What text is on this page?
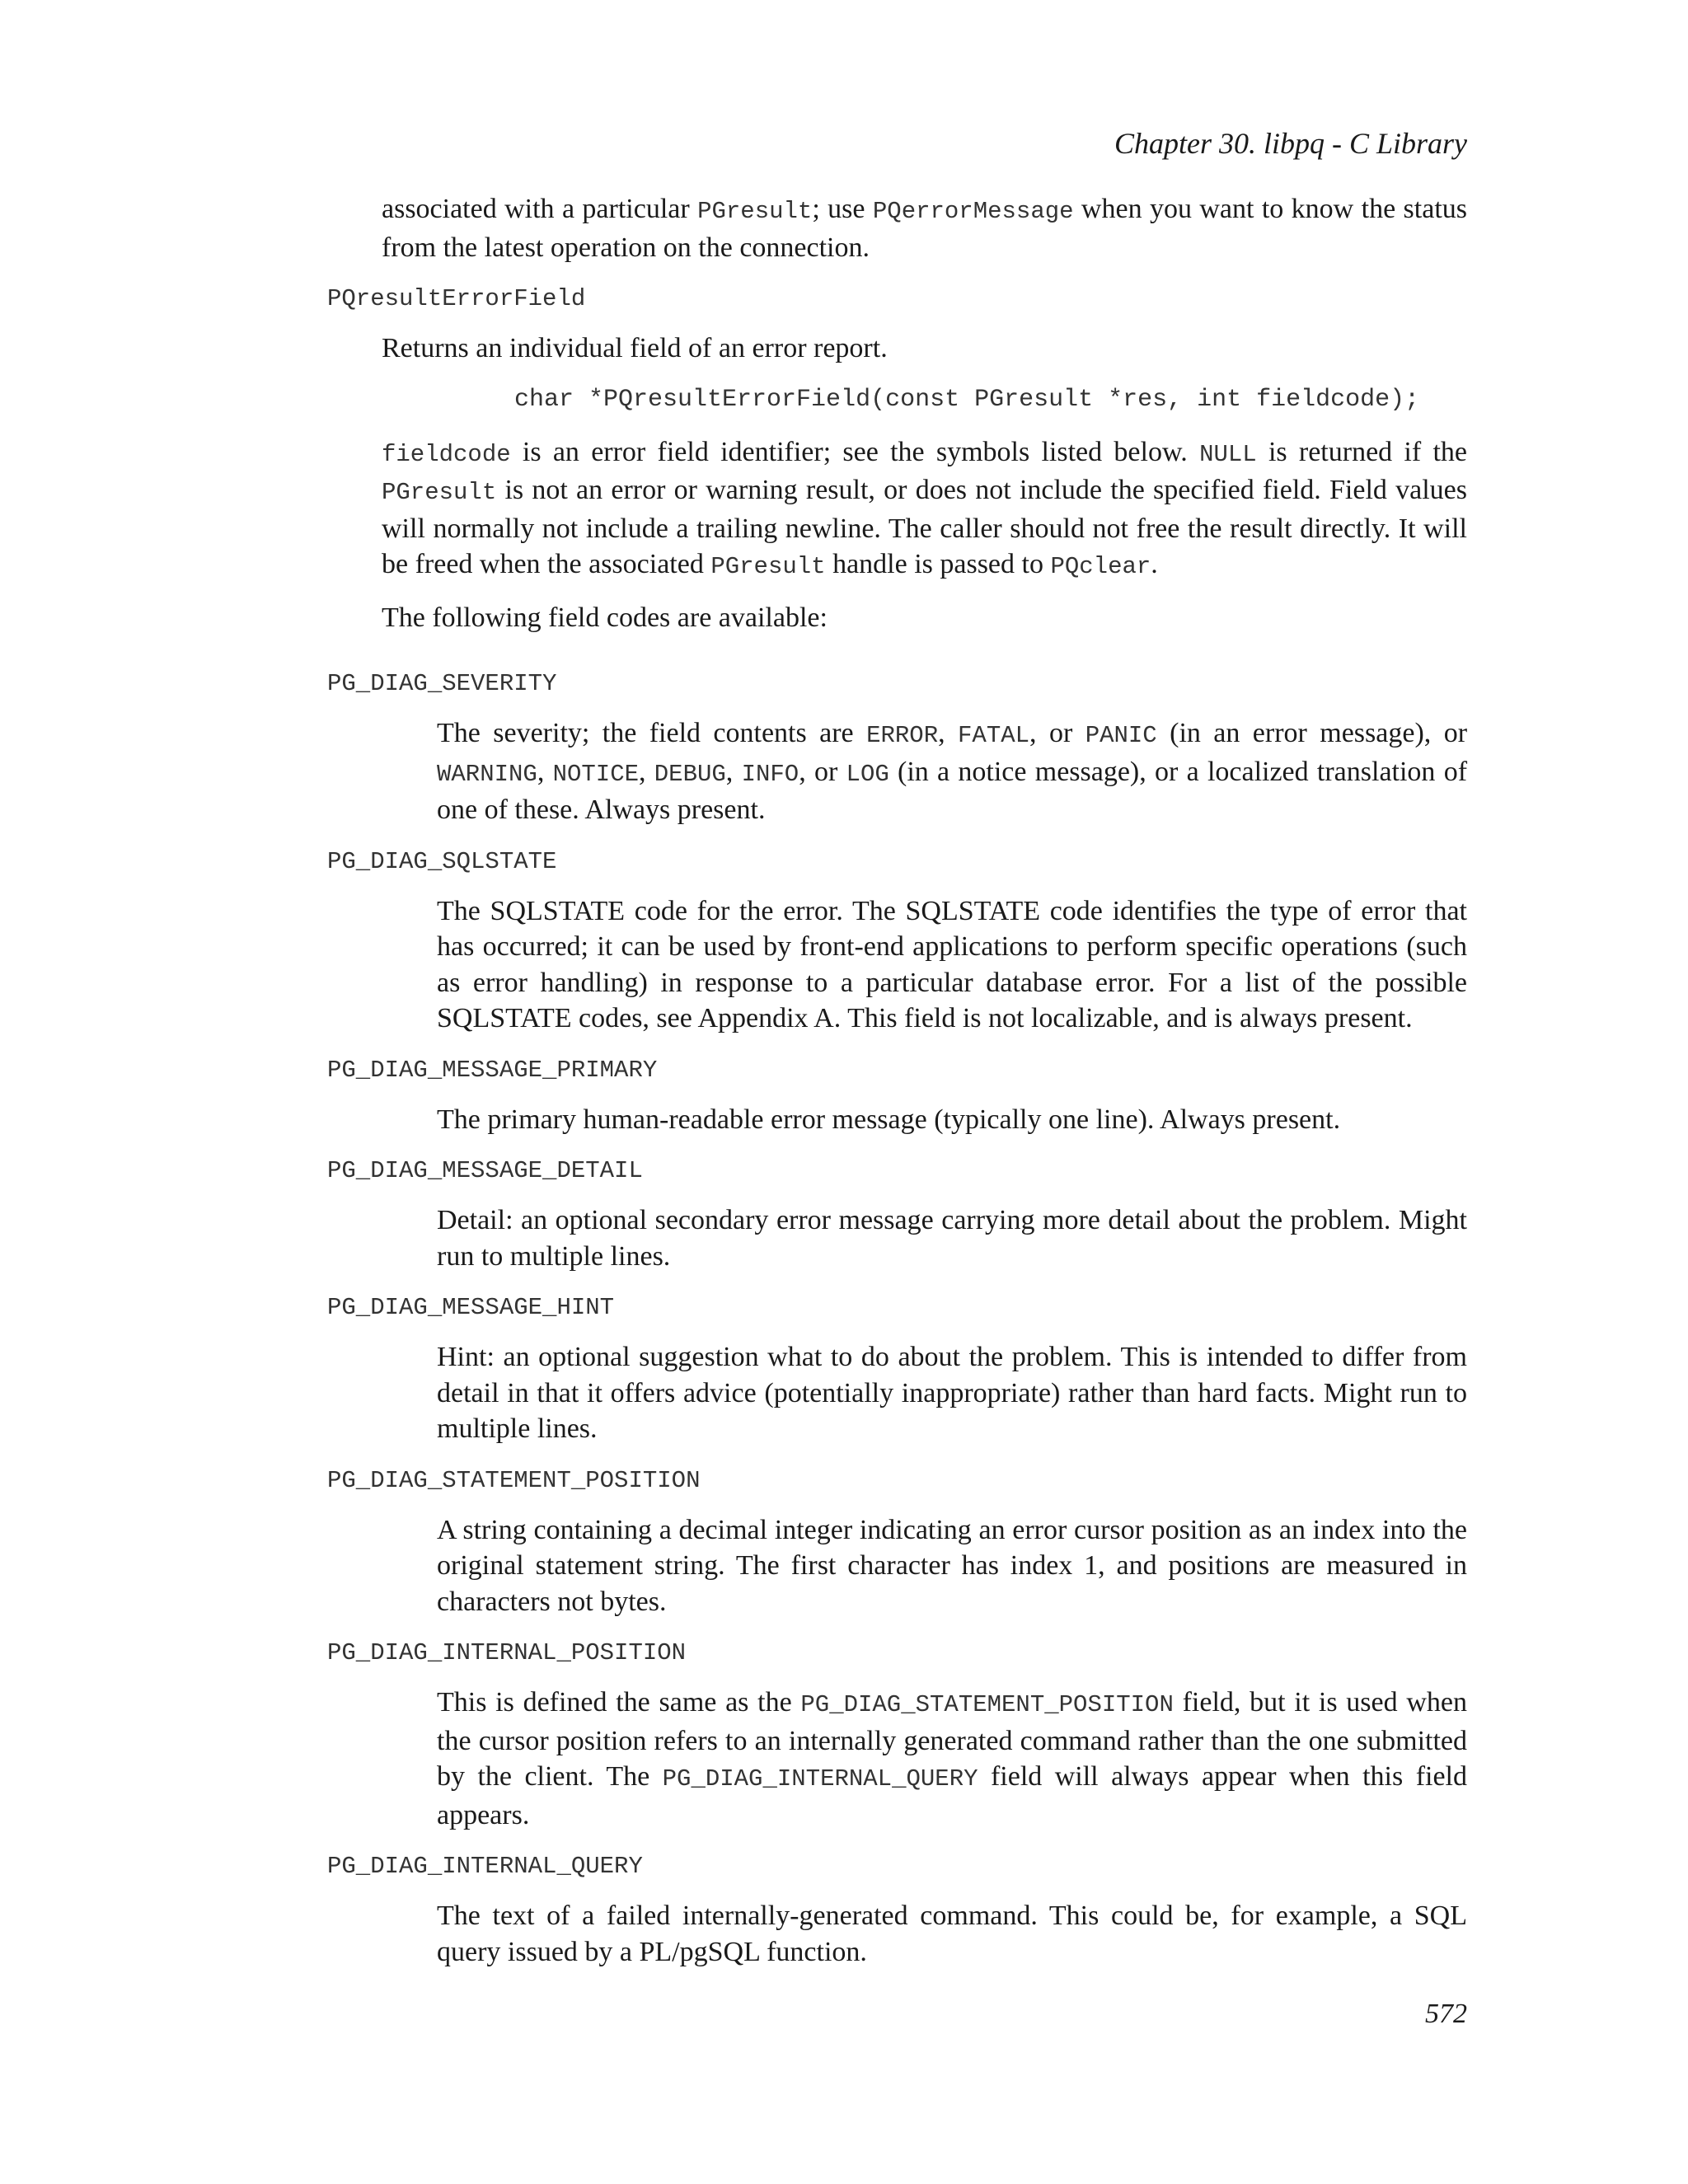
Chapter 30. libpq - C Library

associated with a particular PGresult; use PQerrorMessage when you want to know the status from the latest operation on the connection.

PQresultErrorField

Returns an individual field of an error report.

char *PQresultErrorField(const PGresult *res, int fieldcode);

fieldcode is an error field identifier; see the symbols listed below. NULL is returned if the PGresult is not an error or warning result, or does not include the specified field. Field values will normally not include a trailing newline. The caller should not free the result directly. It will be freed when the associated PGresult handle is passed to PQclear.

The following field codes are available:

PG_DIAG_SEVERITY

The severity; the field contents are ERROR, FATAL, or PANIC (in an error message), or WARNING, NOTICE, DEBUG, INFO, or LOG (in a notice message), or a localized translation of one of these. Always present.

PG_DIAG_SQLSTATE

The SQLSTATE code for the error. The SQLSTATE code identifies the type of error that has occurred; it can be used by front-end applications to perform specific operations (such as error handling) in response to a particular database error. For a list of the possible SQLSTATE codes, see Appendix A. This field is not localizable, and is always present.

PG_DIAG_MESSAGE_PRIMARY

The primary human-readable error message (typically one line). Always present.

PG_DIAG_MESSAGE_DETAIL

Detail: an optional secondary error message carrying more detail about the problem. Might run to multiple lines.

PG_DIAG_MESSAGE_HINT

Hint: an optional suggestion what to do about the problem. This is intended to differ from detail in that it offers advice (potentially inappropriate) rather than hard facts. Might run to multiple lines.

PG_DIAG_STATEMENT_POSITION

A string containing a decimal integer indicating an error cursor position as an index into the original statement string. The first character has index 1, and positions are measured in characters not bytes.

PG_DIAG_INTERNAL_POSITION

This is defined the same as the PG_DIAG_STATEMENT_POSITION field, but it is used when the cursor position refers to an internally generated command rather than the one submitted by the client. The PG_DIAG_INTERNAL_QUERY field will always appear when this field appears.

PG_DIAG_INTERNAL_QUERY

The text of a failed internally-generated command. This could be, for example, a SQL query issued by a PL/pgSQL function.

572
